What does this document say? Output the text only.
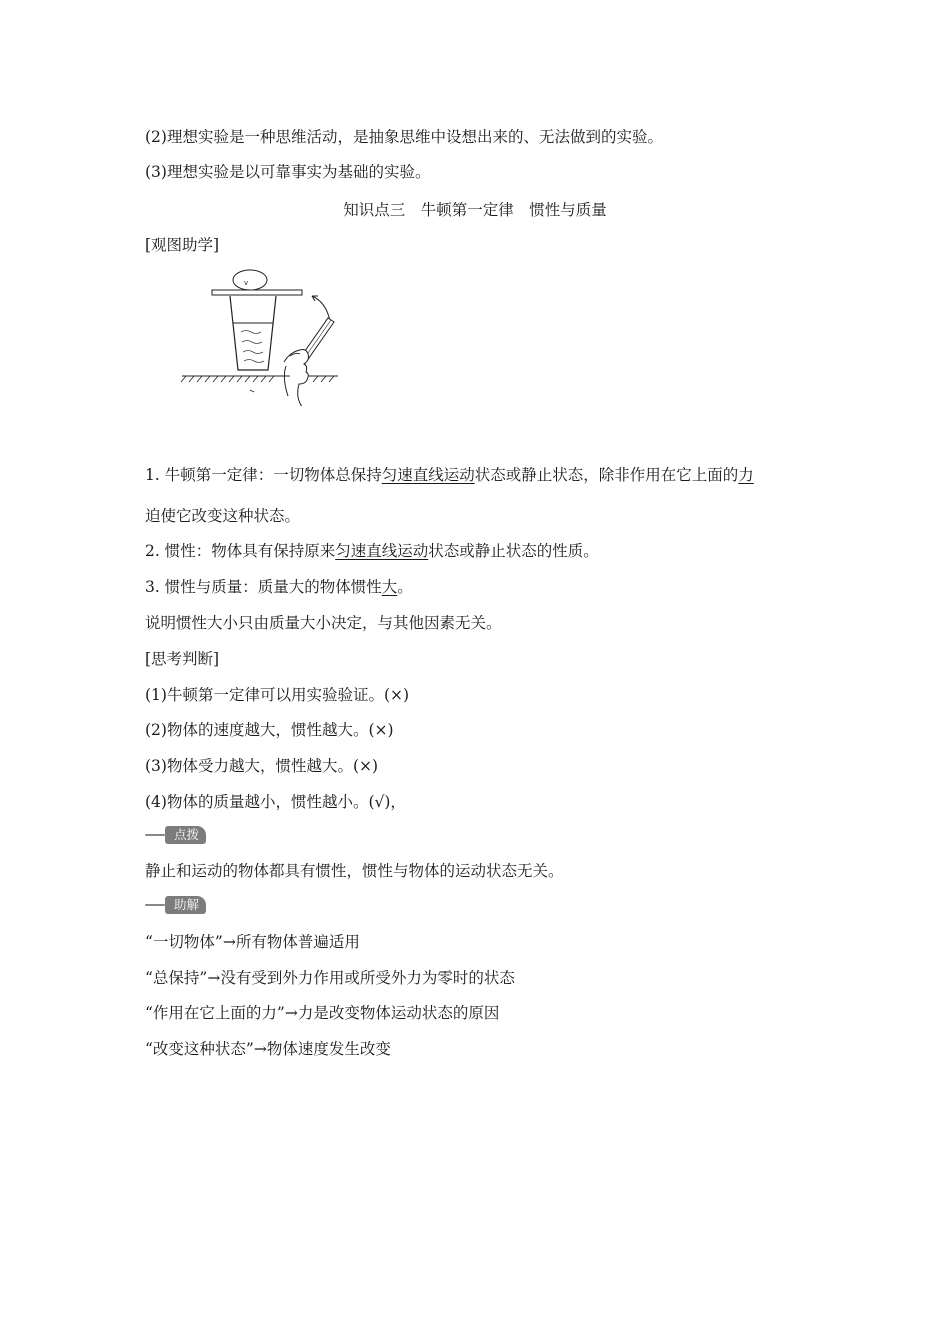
(2)理想实验是一种思维活动，是抽象思维中设想出来的、无法做到的实验。
(3)理想实验是以可靠事实为基础的实验。
知识点三　牛顿第一定律　惯性与质量
[观图助学]
v
1. 牛顿第一定律：一切物体总保持匀速直线运动状态或静止状态，除非作用在它上面的力
迫使它改变这种状态。
2. 惯性：物体具有保持原来匀速直线运动状态或静止状态的性质。
3. 惯性与质量：质量大的物体惯性大。
说明惯性大小只由质量大小决定，与其他因素无关。
[思考判断]
(1)牛顿第一定律可以用实验验证。(×)
(2)物体的速度越大，惯性越大。(×)
(3)物体受力越大，惯性越大。(×)
(4)物体的质量越小，惯性越小。(√)，
点拨
静止和运动的物体都具有惯性，惯性与物体的运动状态无关。
助解
“一切物体”→所有物体普遍适用
“总保持”→没有受到外力作用或所受外力为零时的状态
“作用在它上面的力”→力是改变物体运动状态的原因
“改变这种状态”→物体速度发生改变
